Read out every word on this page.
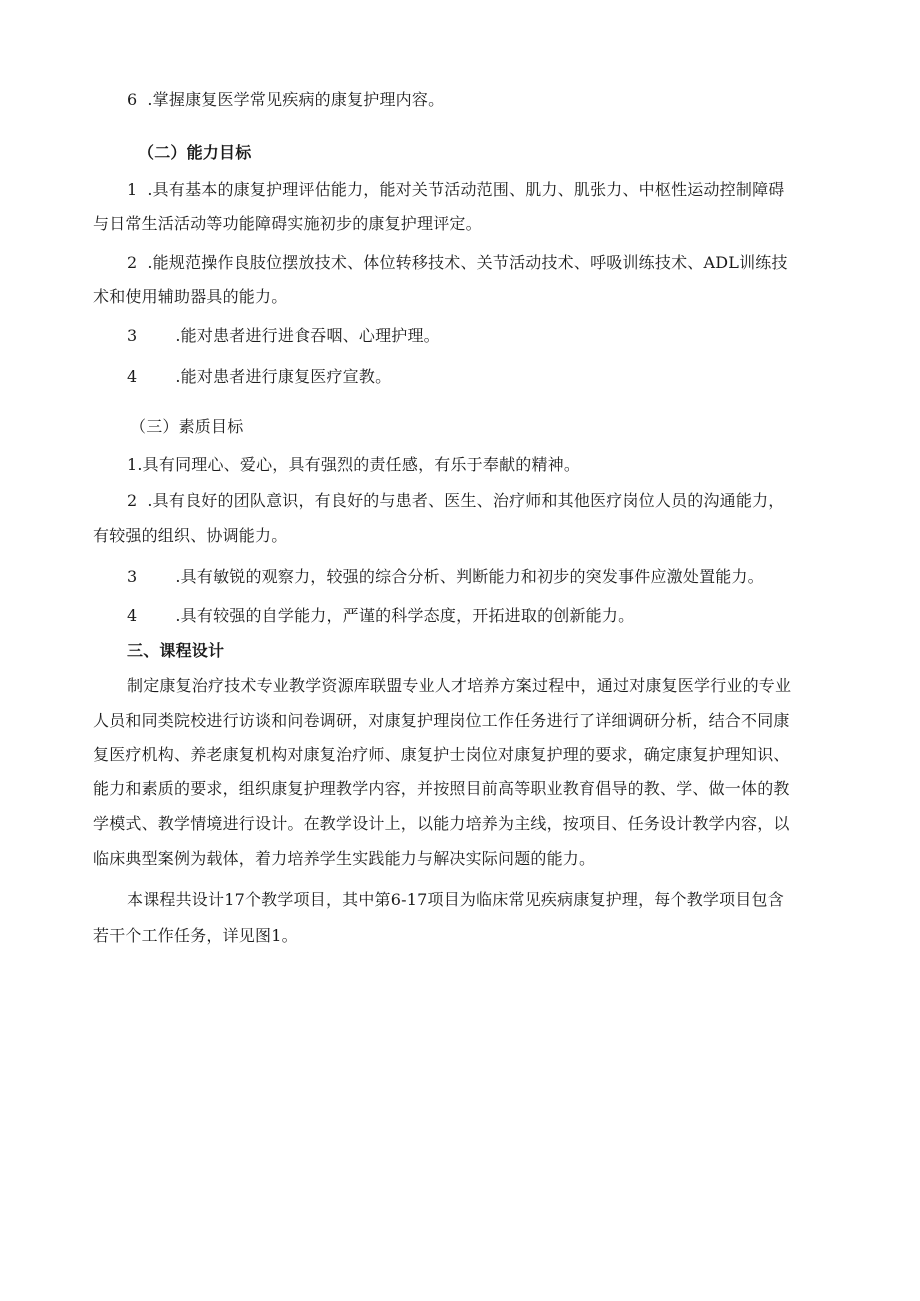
6 .掌握康复医学常见疾病的康复护理内容。
（二）能力目标
1 .具有基本的康复护理评估能力，能对关节活动范围、肌力、肌张力、中枢性运动控制障碍
与日常生活活动等功能障碍实施初步的康复护理评定。
2 .能规范操作良肢位摆放技术、体位转移技术、关节活动技术、呼吸训练技术、ADL训练技
术和使用辅助器具的能力。
3 .能对患者进行进食吞咽、心理护理。
4 .能对患者进行康复医疗宣教。
（三）素质目标
1.具有同理心、爱心，具有强烈的责任感，有乐于奉献的精神。
2 .具有良好的团队意识，有良好的与患者、医生、治疗师和其他医疗岗位人员的沟通能力，
有较强的组织、协调能力。
3 .具有敏锐的观察力，较强的综合分析、判断能力和初步的突发事件应激处置能力。
4 .具有较强的自学能力，严谨的科学态度，开拓进取的创新能力。
三、课程设计
制定康复治疗技术专业教学资源库联盟专业人才培养方案过程中，通过对康复医学行业的专业
人员和同类院校进行访谈和问卷调研，对康复护理岗位工作任务进行了详细调研分析，结合不同康
复医疗机构、养老康复机构对康复治疗师、康复护士岗位对康复护理的要求，确定康复护理知识、
能力和素质的要求，组织康复护理教学内容，并按照目前高等职业教育倡导的教、学、做一体的教
学模式、教学情境进行设计。在教学设计上，以能力培养为主线，按项目、任务设计教学内容，以
临床典型案例为载体，着力培养学生实践能力与解决实际问题的能力。
本课程共设计17个教学项目，其中第6-17项目为临床常见疾病康复护理，每个教学项目包含
若干个工作任务，详见图1。
